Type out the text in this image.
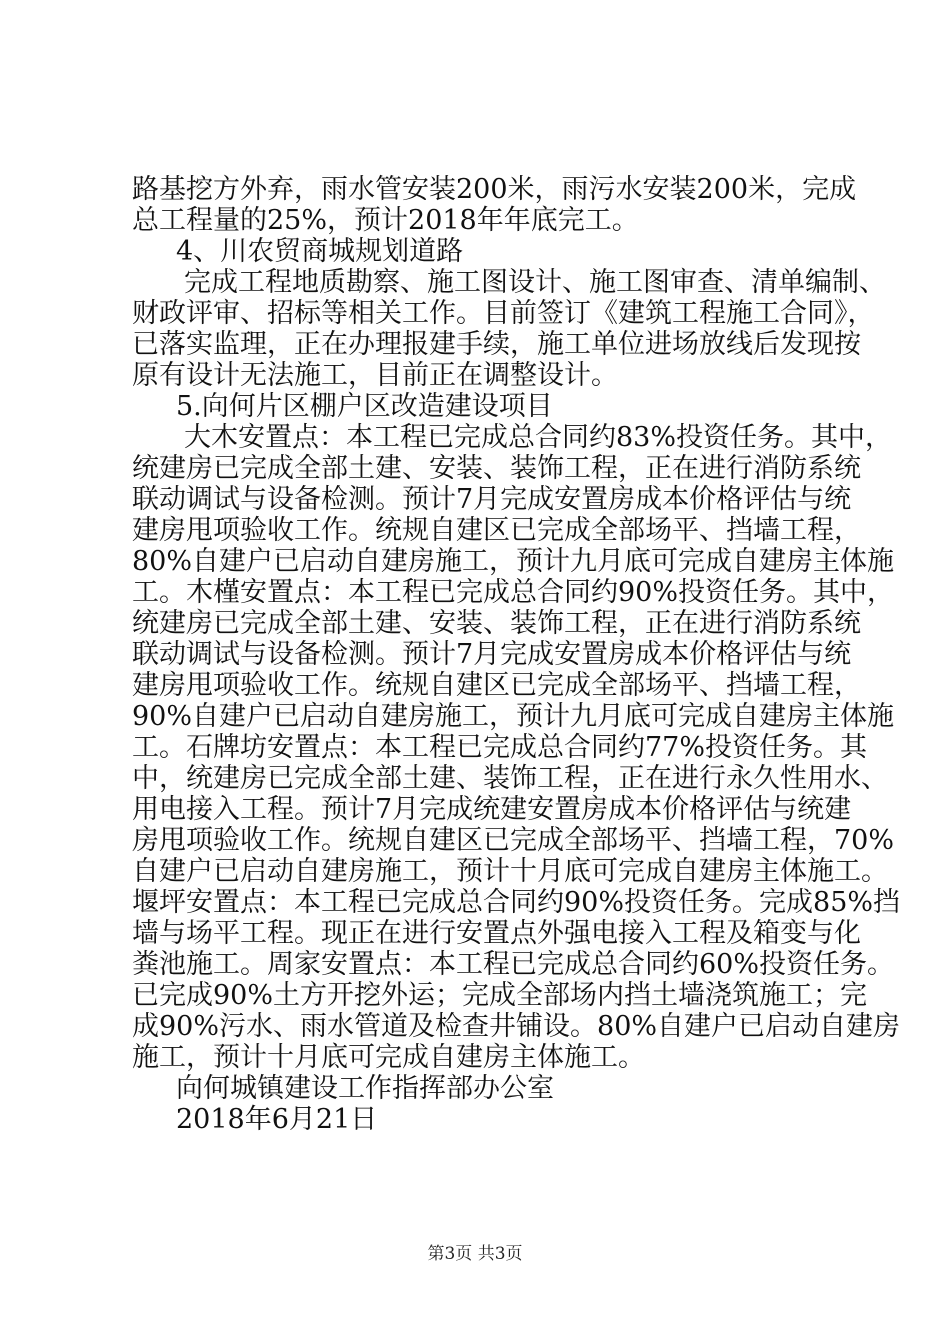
路基挖方外弃，雨水管安装200米，雨污水安装200米，完成
总工程量的25%，预计2018年年底完工。
4、川农贸商城规划道路
完成工程地质勘察、施工图设计、施工图审查、清单编制、
财政评审、招标等相关工作。目前签订《建筑工程施工合同》，
已落实监理，正在办理报建手续，施工单位进场放线后发现按
原有设计无法施工，目前正在调整设计。
5.向何片区棚户区改造建设项目
大木安置点：本工程已完成总合同约83%投资任务。其中，
统建房已完成全部土建、安装、装饰工程，正在进行消防系统
联动调试与设备检测。预计7月完成安置房成本价格评估与统
建房甩项验收工作。统规自建区已完成全部场平、挡墙工程，
80%自建户已启动自建房施工，预计九月底可完成自建房主体施
工。木槿安置点：本工程已完成总合同约90%投资任务。其中，
统建房已完成全部土建、安装、装饰工程，正在进行消防系统
联动调试与设备检测。预计7月完成安置房成本价格评估与统
建房甩项验收工作。统规自建区已完成全部场平、挡墙工程，
90%自建户已启动自建房施工，预计九月底可完成自建房主体施
工。石牌坊安置点：本工程已完成总合同约77%投资任务。其
中，统建房已完成全部土建、装饰工程，正在进行永久性用水、
用电接入工程。预计7月完成统建安置房成本价格评估与统建
房甩项验收工作。统规自建区已完成全部场平、挡墙工程，70%
自建户已启动自建房施工，预计十月底可完成自建房主体施工。
堰坪安置点：本工程已完成总合同约90%投资任务。完成85%挡
墙与场平工程。现正在进行安置点外强电接入工程及箱变与化
粪池施工。周家安置点：本工程已完成总合同约60%投资任务。
已完成90%土方开挖外运；完成全部场内挡土墙浇筑施工；完
成90%污水、雨水管道及检查井铺设。80%自建户已启动自建房
施工，预计十月底可完成自建房主体施工。
向何城镇建设工作指挥部办公室
2018年6月21日
第3页 共3页
